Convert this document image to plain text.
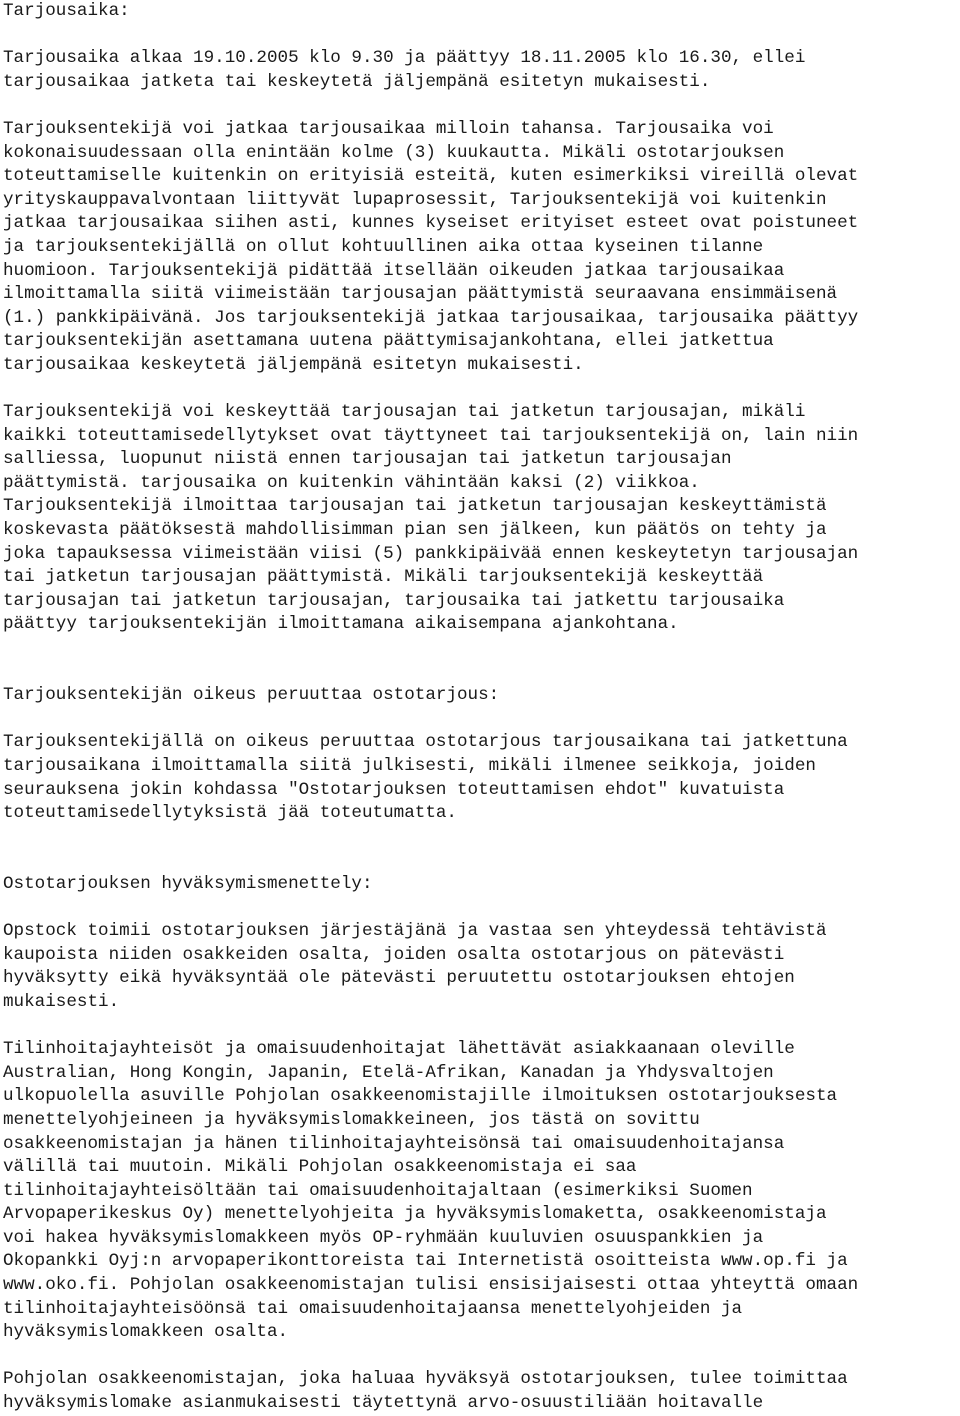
Tarjousaika:

Tarjousaika alkaa 19.10.2005 klo 9.30 ja päättyy 18.11.2005 klo 16.30, ellei

tarjousaikaa jatketa tai keskeytetä jäljempänä esitetyn mukaisesti.

Tarjouksentekijä voi jatkaa tarjousaikaa milloin tahansa. Tarjousaika voi

kokonaisuudessaan olla enintään kolme (3) kuukautta. Mikäli ostotarjouksen

toteuttamiselle kuitenkin on erityisiä esteitä, kuten esimerkiksi vireillä olevat

yrityskauppavalvontaan liittyvät lupaprosessit, Tarjouksentekijä voi kuitenkin

jatkaa tarjousaikaa siihen asti, kunnes kyseiset erityiset esteet ovat poistuneet

ja tarjouksentekijällä on ollut kohtuullinen aika ottaa kyseinen tilanne

huomioon. Tarjouksentekijä pidättää itsellään oikeuden jatkaa tarjousaikaa

ilmoittamalla siitä viimeistään tarjousajan päättymistä seuraavana ensimmäisenä

(1.) pankkipäivänä. Jos tarjouksentekijä jatkaa tarjousaikaa, tarjousaika päättyy

tarjouksentekijän asettamana uutena päättymisajankohtana, ellei jatkettua

tarjousaikaa keskeytetä jäljempänä esitetyn mukaisesti.

Tarjouksentekijä voi keskeyttää tarjousajan tai jatketun tarjousajan, mikäli

kaikki toteuttamisedellytykset ovat täyttyneet tai tarjouksentekijä on, lain niin

salliessa, luopunut niistä ennen tarjousajan tai jatketun tarjousajan

päättymistä. tarjousaika on kuitenkin vähintään kaksi (2) viikkoa.

Tarjouksentekijä ilmoittaa tarjousajan tai jatketun tarjousajan keskeyttämistä

koskevasta päätöksestä mahdollisimman pian sen jälkeen, kun päätös on tehty ja

joka tapauksessa viimeistään viisi (5) pankkipäivää ennen keskeytetyn tarjousajan

tai jatketun tarjousajan päättymistä. Mikäli tarjouksentekijä keskeyttää

tarjousajan tai jatketun tarjousajan, tarjousaika tai jatkettu tarjousaika

päättyy tarjouksentekijän ilmoittamana aikaisempana ajankohtana.

Tarjouksentekijän oikeus peruuttaa ostotarjous:

Tarjouksentekijällä on oikeus peruuttaa ostotarjous tarjousaikana tai jatkettuna

tarjousaikana ilmoittamalla siitä julkisesti, mikäli ilmenee seikkoja, joiden

seurauksena jokin kohdassa "Ostotarjouksen toteuttamisen ehdot" kuvatuista

toteuttamisedellytyksistä jää toteutumatta.

Ostotarjouksen hyväksymismenettely:

Opstock toimii ostotarjouksen järjestäjänä ja vastaa sen yhteydessä tehtävistä

kaupoista niiden osakkeiden osalta, joiden osalta ostotarjous on pätevästi

hyväksytty eikä hyväksyntää ole pätevästi peruutettu ostotarjouksen ehtojen

mukaisesti.

Tilinhoitajayhteisöt ja omaisuudenhoitajat lähettävät asiakkaanaan oleville

Australian, Hong Kongin, Japanin, Etelä-Afrikan, Kanadan ja Yhdysvaltojen

ulkopuolella asuville Pohjolan osakkeenomistajille ilmoituksen ostotarjouksesta

menettelyohjeineen ja hyväksymislomakkeineen, jos tästä on sovittu

osakkeenomistajan ja hänen tilinhoitajayhteisönsä tai omaisuudenhoitajansa

välillä tai muutoin. Mikäli Pohjolan osakkeenomistaja ei saa

tilinhoitajayhteisöltään tai omaisuudenhoitajaltaan (esimerkiksi Suomen

Arvopaperikeskus Oy) menettelyohjeita ja hyväksymislomaketta, osakkeenomistaja

voi hakea hyväksymislomakkeen myös OP-ryhmään kuuluvien osuuspankkien ja

Okopankki Oyj:n arvopaperikonttoreista tai Internetistä osoitteista www.op.fi ja

www.oko.fi. Pohjolan osakkeenomistajan tulisi ensisijaisesti ottaa yhteyttä omaan

tilinhoitajayhteisöönsä tai omaisuudenhoitajaansa menettelyohjeiden ja

hyväksymislomakkeen osalta.

Pohjolan osakkeenomistajan, joka haluaa hyväksyä ostotarjouksen, tulee toimittaa

hyväksymislomake asianmukaisesti täytettynä arvo-osuustiliään hoitavalle
